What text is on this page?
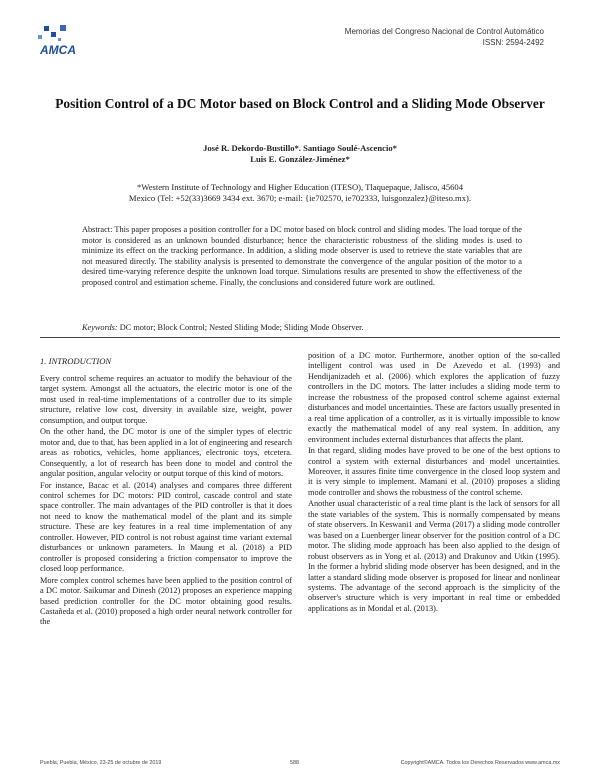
AMCA
Memorias del Congreso Nacional de Control Automático
ISSN: 2594-2492
Position Control of a DC Motor based on Block Control and a Sliding Mode Observer
José R. Dekordo-Bustillo*. Santiago Soulé-Ascencio*
Luis E. González-Jiménez*
*Western Institute of Technology and Higher Education (ITESO), Tlaquepaque, Jalisco, 45604
Mexico (Tel: +52(33)3669 3434 ext. 3670; e-mail: {ie702570, ie702333, luisgonzalez}@iteso.mx).
Abstract: This paper proposes a position controller for a DC motor based on block control and sliding modes. The load torque of the motor is considered as an unknown bounded disturbance; hence the characteristic robustness of the sliding modes is used to minimize its effect on the tracking performance. In addition, a sliding mode observer is used to retrieve the state variables that are not measured directly. The stability analysis is presented to demonstrate the convergence of the angular position of the motor to a desired time-varying reference despite the unknown load torque. Simulations results are presented to show the effectiveness of the proposed control and estimation scheme. Finally, the conclusions and considered future work are outlined.
Keywords: DC motor; Block Control; Nested Sliding Mode; Sliding Mode Observer.
1. INTRODUCTION

Every control scheme requires an actuator to modify the behaviour of the target system. Amongst all the actuators, the electric motor is one of the most used in real-time implementations of a controller due to its simple structure, relative low cost, diversity in available size, weight, power consumption, and output torque.

On the other hand, the DC motor is one of the simpler types of electric motor and, due to that, has been applied in a lot of engineering and research areas as robotics, vehicles, home appliances, electronic toys, etcetera. Consequently, a lot of research has been done to model and control the angular position, angular velocity or output torque of this kind of motors.

For instance, Bacac et al. (2014) analyses and compares three different control schemes for DC motors: PID control, cascade control and state space controller. The main advantages of the PID controller is that it does not need to know the mathematical model of the plant and its simple structure. These are key features in a real time implementation of any controller. However, PID control is not robust against time variant external disturbances or unknown parameters. In Maung et al. (2018) a PID controller is proposed considering a friction compensator to improve the closed loop performance.

More complex control schemes have been applied to the position control of a DC motor. Saikumar and Dinesh (2012) proposes an experience mapping based prediction controller for the DC motor obtaining good results. Castañeda et al. (2010) proposed a high order neural network controller for the

position of a DC motor. Furthermore, another option of the so-called intelligent control was used in De Azevedo et al. (1993) and Hendijanizadeh et al. (2006) which explores the application of fuzzy controllers in the DC motors. The latter includes a sliding mode term to increase the robustness of the proposed control scheme against external disturbances and model uncertainties. These are factors usually presented in a real time application of a controller, as it is virtually impossible to know exactly the mathematical model of any real system. In addition, any environment includes external disturbances that affects the plant.

In that regard, sliding modes have proved to be one of the best options to control a system with external disturbances and model uncertainties. Moreover, it assures finite time convergence in the closed loop system and it is very simple to implement. Mamani et al. (2010) proposes a sliding mode controller and shows the robustness of the control scheme.

Another usual characteristic of a real time plant is the lack of sensors for all the state variables of the system. This is normally compensated by means of state observers. In Keswani1 and Verma (2017) a sliding mode controller was based on a Luenberger linear observer for the position control of a DC motor. The sliding mode approach has been also applied to the design of robust observers as in Yong et al. (2013) and Drakunov and Utkin (1995). In the former a hybrid sliding mode observer has been designed, and in the latter a standard sliding mode observer is proposed for linear and nonlinear systems. The advantage of the second approach is the simplicity of the observer's structure which is very important in real time or embedded applications as in Mondal et al. (2013).

Puebla, Puebla, México, 23-25 de octubre de 2019	588	Copyright©AMCA. Todos los Derechos Reservados www.amca.mx
